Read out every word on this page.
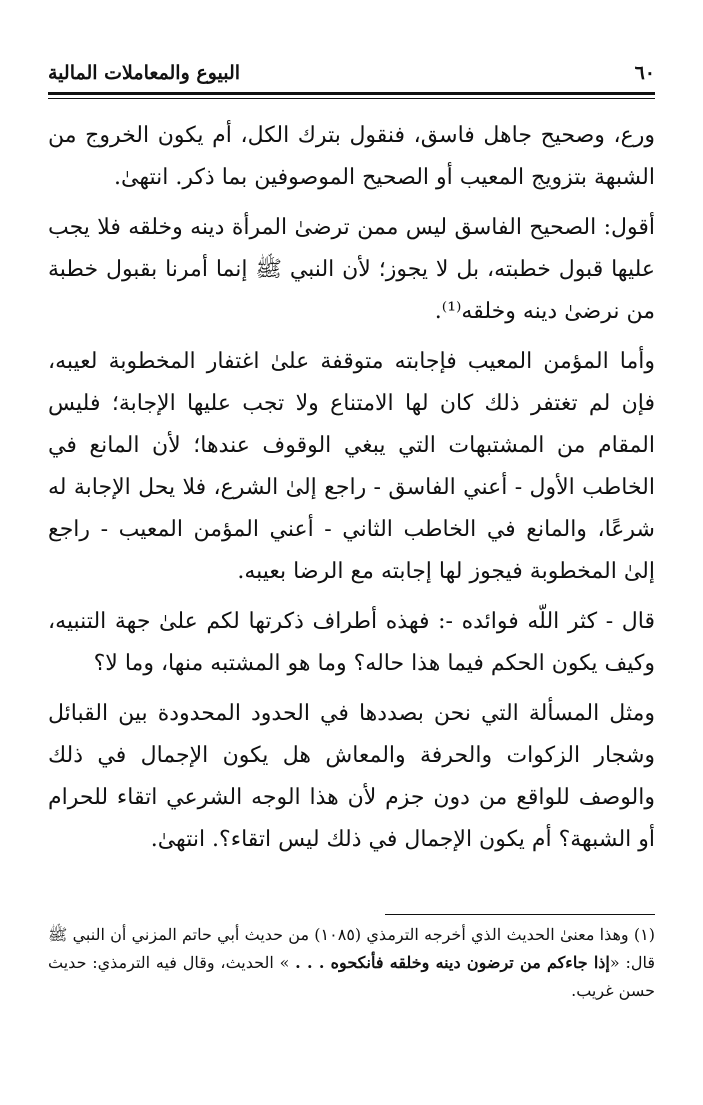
٦٠
البيوع والمعاملات المالية

ورع، وصحيح جاهل فاسق، فنقول بترك الكل، أم يكون الخروج من الشبهة بتزويج المعيب أو الصحيح الموصوفين بما ذكر. انتهىٰ.

أقول: الصحيح الفاسق ليس ممن ترضىٰ المرأة دينه وخلقه فلا يجب عليها قبول خطبته، بل لا يجوز؛ لأن النبي ﷺ إنما أمرنا بقبول خطبة من نرضىٰ دينه وخلقه⁽¹⁾.

وأما المؤمن المعيب فإجابته متوقفة علىٰ اغتفار المخطوبة لعيبه، فإن لم تغتفر ذلك كان لها الامتناع ولا تجب عليها الإجابة؛ فليس المقام من المشتبهات التي يبغي الوقوف عندها؛ لأن المانع في الخاطب الأول - أعني الفاسق - راجع إلىٰ الشرع، فلا يحل الإجابة له شرعًا، والمانع في الخاطب الثاني - أعني المؤمن المعيب - راجع إلىٰ المخطوبة فيجوز لها إجابته مع الرضا بعيبه.

قال - كثر اللّه فوائده -: فهذه أطراف ذكرتها لكم علىٰ جهة التنبيه، وكيف يكون الحكم فيما هذا حاله؟ وما هو المشتبه منها، وما لا؟

ومثل المسألة التي نحن بصددها في الحدود المحدودة بين القبائل وشجار الزكوات والحرفة والمعاش هل يكون الإجمال في ذلك والوصف للواقع من دون جزم لأن هذا الوجه الشرعي اتقاء للحرام أو الشبهة؟ أم يكون الإجمال في ذلك ليس اتقاء؟. انتهىٰ.

(١) وهذا معنىٰ الحديث الذي أخرجه الترمذي (١٠٨٥) من حديث أبي حاتم المزني أن النبي ﷺ قال: «إذا جاءكم من ترضون دينه وخلقه فأنكحوه . . . » الحديث، وقال فيه الترمذي: حديث حسن غريب.
